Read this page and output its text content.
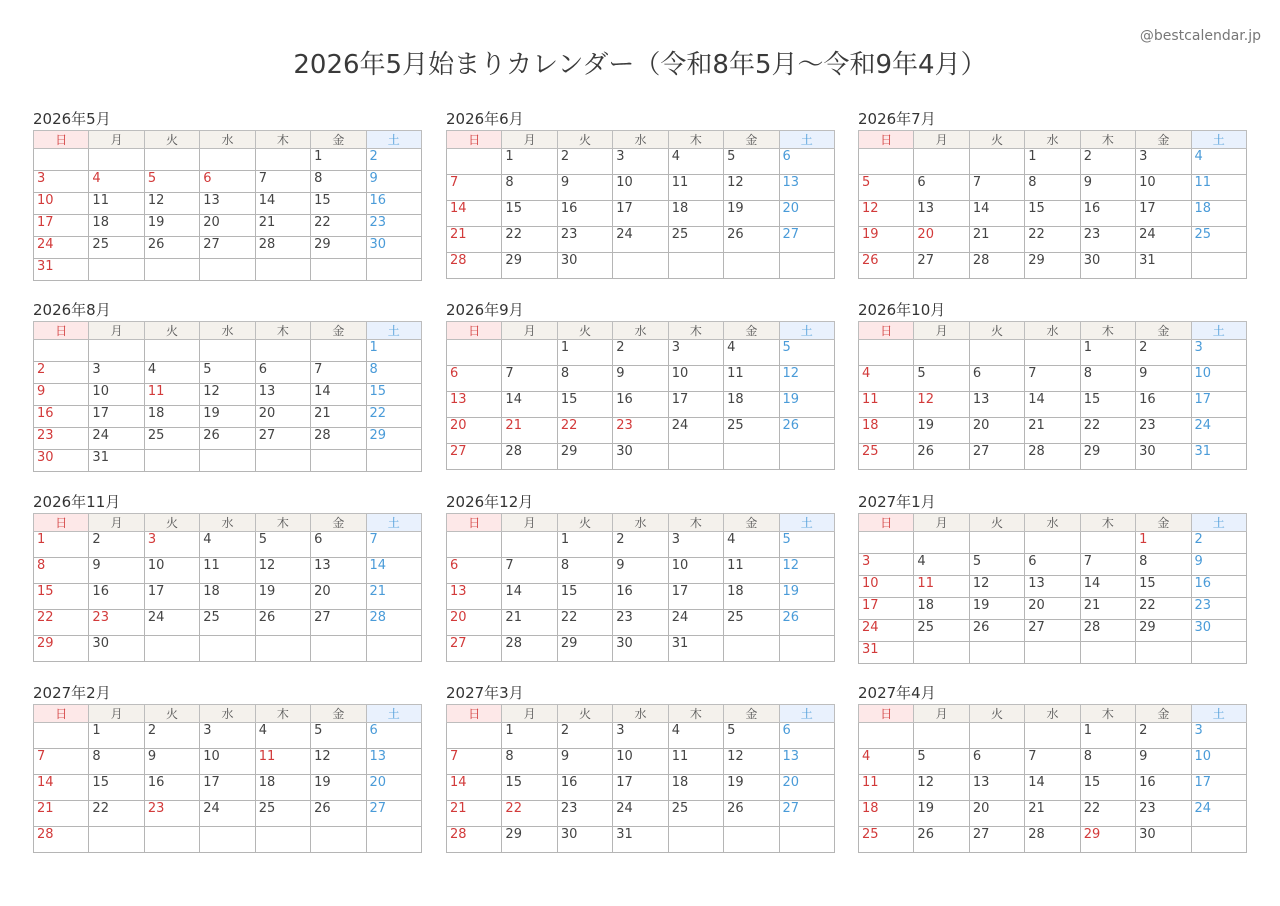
2026年5月始まりカレンダー（令和8年5月〜令和9年4月）
@bestcalendar.jp
2026年5月
日	月	火	水	木	金	土
					1	2
3	4	5	6	7	8	9
10	11	12	13	14	15	16
17	18	19	20	21	22	23
24	25	26	27	28	29	30
31						
2026年6月
日	月	火	水	木	金	土
	1	2	3	4	5	6
7	8	9	10	11	12	13
14	15	16	17	18	19	20
21	22	23	24	25	26	27
28	29	30				
2026年7月
日	月	火	水	木	金	土
			1	2	3	4
5	6	7	8	9	10	11
12	13	14	15	16	17	18
19	20	21	22	23	24	25
26	27	28	29	30	31	
2026年8月
日	月	火	水	木	金	土
						1
2	3	4	5	6	7	8
9	10	11	12	13	14	15
16	17	18	19	20	21	22
23	24	25	26	27	28	29
30	31					
2026年9月
日	月	火	水	木	金	土
		1	2	3	4	5
6	7	8	9	10	11	12
13	14	15	16	17	18	19
20	21	22	23	24	25	26
27	28	29	30			
2026年10月
日	月	火	水	木	金	土
				1	2	3
4	5	6	7	8	9	10
11	12	13	14	15	16	17
18	19	20	21	22	23	24
25	26	27	28	29	30	31
2026年11月
日	月	火	水	木	金	土
1	2	3	4	5	6	7
8	9	10	11	12	13	14
15	16	17	18	19	20	21
22	23	24	25	26	27	28
29	30					
2026年12月
日	月	火	水	木	金	土
		1	2	3	4	5
6	7	8	9	10	11	12
13	14	15	16	17	18	19
20	21	22	23	24	25	26
27	28	29	30	31		
2027年1月
日	月	火	水	木	金	土
					1	2
3	4	5	6	7	8	9
10	11	12	13	14	15	16
17	18	19	20	21	22	23
24	25	26	27	28	29	30
31						
2027年2月
日	月	火	水	木	金	土
	1	2	3	4	5	6
7	8	9	10	11	12	13
14	15	16	17	18	19	20
21	22	23	24	25	26	27
28						
2027年3月
日	月	火	水	木	金	土
	1	2	3	4	5	6
7	8	9	10	11	12	13
14	15	16	17	18	19	20
21	22	23	24	25	26	27
28	29	30	31			
2027年4月
日	月	火	水	木	金	土
				1	2	3
4	5	6	7	8	9	10
11	12	13	14	15	16	17
18	19	20	21	22	23	24
25	26	27	28	29	30	
